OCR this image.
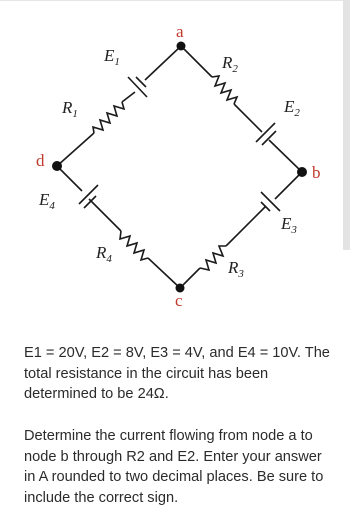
a
b
c
d
$E_1$
$R_1$
$R_2$
$E_2$
$E_3$
$R_3$
$R_4$
$E_4$

E1 = 20V, E2 = 8V, E3 = 4V, and E4 = 10V. The total resistance in the circuit has been determined to be 24Ω.

Determine the current flowing from node a to node b through R2 and E2. Enter your answer in A rounded to two decimal places. Be sure to include the correct sign.
